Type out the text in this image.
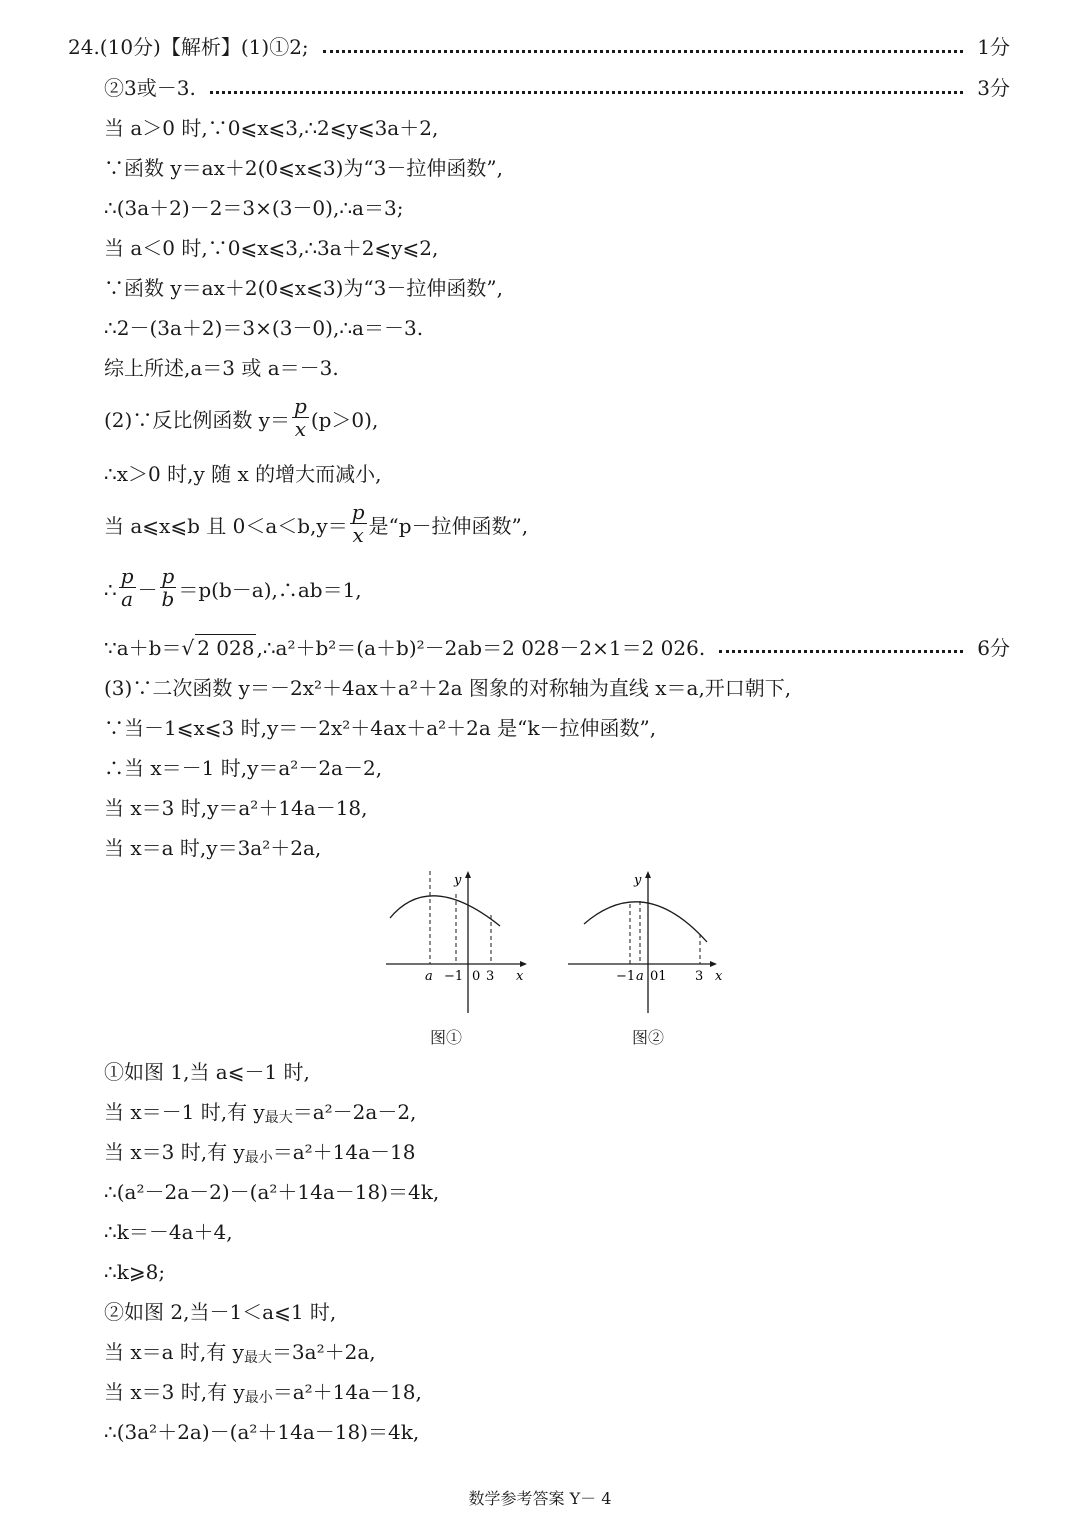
24.(10分)【解析】(1)①2;	1分
②3或－3.	3分
当 a＞0 时,∵0⩽x⩽3,∴2⩽y⩽3a＋2,
∵函数 y＝ax＋2(0⩽x⩽3)为“3－拉伸函数”,
∴(3a＋2)－2＝3×(3－0),∴a＝3;
当 a＜0 时,∵0⩽x⩽3,∴3a＋2⩽y⩽2,
∵函数 y＝ax＋2(0⩽x⩽3)为“3－拉伸函数”,
∴2－(3a＋2)＝3×(3－0),∴a＝－3.
综上所述,a＝3 或 a＝－3.
(2)∵反比例函数 $y= \frac{p}{x} (p>0)$,
∴x＞0 时,y 随 x 的增大而减小,
当 a⩽x⩽b 且 $0<a<b,y= \frac{p}{x}$ 是“p－拉伸函数”,
∴ $\frac{p}{a} - \frac{p}{b}$ ＝p(b－a),∴ab＝1,
∵a＋b＝ √ 2 028 ,∴a²＋b²＝(a＋b)²－2ab＝2 028－2×1＝2 026.	6分
(3)∵二次函数 y＝－2x²＋4ax＋a²＋2a 图象的对称轴为直线 x＝a,开口朝下,
∵当－1⩽x⩽3 时,y＝－2x²＋4ax＋a²＋2a 是“k－拉伸函数”,
∴当 x＝－1 时,y＝a²－2a－2,
当 x＝3 时,y＝a²＋14a－18,
当 x＝a 时,y＝3a²＋2a,
y
x
a −1 0 3
图①
y
x
−1 a 01 3
图②
①如图 1,当 a⩽－1 时,
当 x＝－1 时,有 y 最大 ＝a²－2a－2,
当 x＝3 时,有 y 最小 ＝a²＋14a－18
∴(a²－2a－2)－(a²＋14a－18)＝4k,
∴k＝－4a＋4,
∴k⩾8;
②如图 2,当－1＜a⩽1 时,
当 x＝a 时,有 y 最大 ＝3a²＋2a,
当 x＝3 时,有 y 最小 ＝a²＋14a－18,
∴(3a²＋2a)－(a²＋14a－18)＝4k,
数学参考答案 Y－ 4
